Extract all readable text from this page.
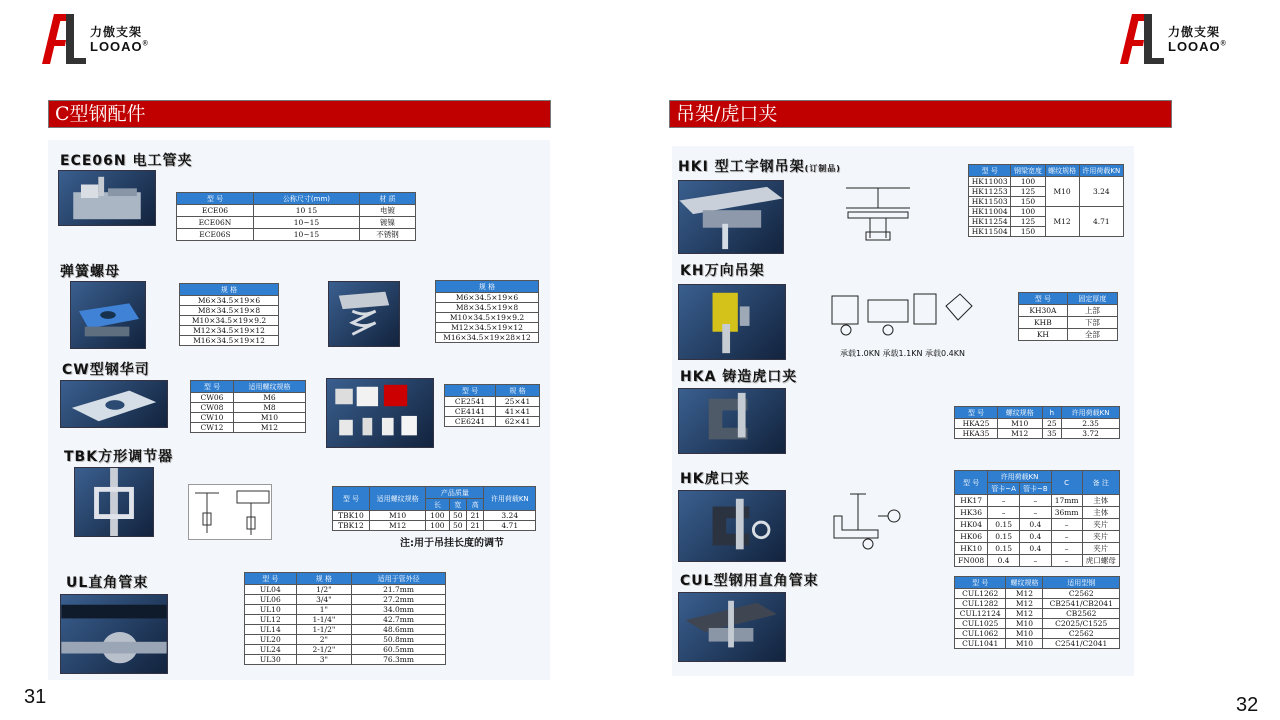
力傲支架
LOOAO®
力傲支架
LOOAO®
C型钢配件	吊架/虎口夹
ECE06N 电工管夹
型 号	公称尺寸(mm)	材 质
ECE06	10 15	电镀
ECE06N	10~15	镀镍
ECE06S	10~15	不锈钢
弹簧螺母
规 格
M6×34.5×19×6
M8×34.5×19×8
M10×34.5×19×9.2
M12×34.5×19×12
M16×34.5×19×12
规 格
M6×34.5×19×6
M8×34.5×19×8
M10×34.5×19×9.2
M12×34.5×19×12
M16×34.5×19×28×12
CW型钢华司
型 号	适用螺纹规格
CW06	M6
CW08	M8
CW10	M10
CW12	M12
型 号	规 格
CE2541	25×41
CE4141	41×41
CE6241	62×41
TBK方形调节器
型 号	适用螺纹规格	产品质量			许用荷载KN
		长	宽	高	
TBK10	M10	100	50	21	3.24
TBK12	M12	100	50	21	4.71
注:用于吊挂长度的调节
UL直角管束	型 号	规 格	适用于管外径
UL04	1/2"	21.7mm
UL06	3/4"	27.2mm
UL10	1"	34.0mm
UL12	1-1/4"	42.7mm
UL14	1-1/2"	48.6mm
UL20	2"	50.8mm
UL24	2-1/2"	60.5mm
UL30	3"	76.3mm
HKI 型工字钢吊架(订制品)	型 号	钢梁宽度	螺纹规格	许用荷载KN
HK11003	100	M10	3.24
HK11253	125		
HK11503	150		
HK11004	100	M12	4.71
HK11254	125		
HK11504	150		
KH万向吊架
承载1.0KN 承载1.1KN 承载0.4KN
型 号	固定厚度
KH30A	上部
KHB	下部
KH	全部
HKA 铸造虎口夹
型 号	螺纹规格	h	许用荷载KN
HKA25	M10	25	2.35
HKA35	M12	35	3.72
HK虎口夹	型 号	许用荷载KN		C	备 注
	管卡~A	管卡~B		
HK17	–	–	17mm	主体
HK36	–	–	36mm	主体
HK04	0.15	0.4	–	夹片
HK06	0.15	0.4	–	夹片
HK10	0.15	0.4	–	夹片
FN008	0.4	–	–	虎口螺母
CUL型钢用直角管束	型 号	螺纹规格	适用型钢
CUL1262	M12	C2562
CUL1282	M12	CB2541/CB2041
CUL12124	M12	CB2562
CUL1025	M10	C2025/C1525
CUL1062	M10	C2562
CUL1041	M10	C2541/C2041
31	32
